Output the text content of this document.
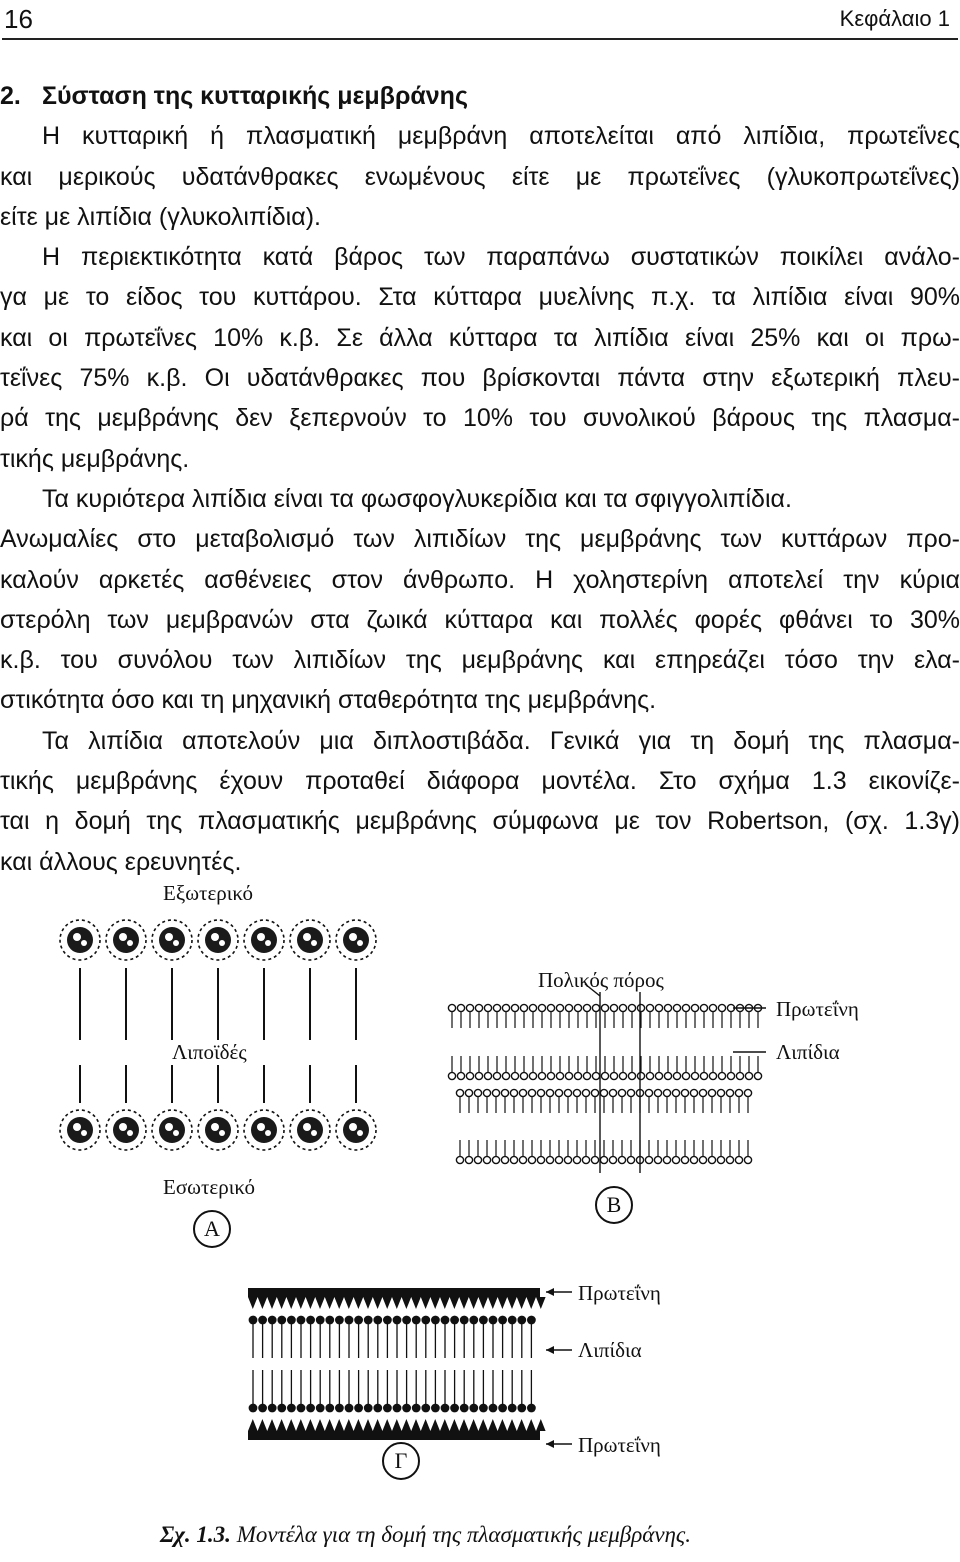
16	Κεφάλαιο 1
2. Σύσταση της κυτταρικής μεμβράνης
Η κυτταρική ή πλασματική μεμβράνη αποτελείται από λιπίδια, πρωτεΐνες
και μερικούς υδατάνθρακες ενωμένους είτε με πρωτεΐνες (γλυκοπρωτεΐνες)
είτε με λιπίδια (γλυκολιπίδια).
Η περιεκτικότητα κατά βάρος των παραπάνω συστατικών ποικίλει ανάλο-
γα με το είδος του κυττάρου. Στα κύτταρα μυελίνης π.χ. τα λιπίδια είναι 90%
και οι πρωτεΐνες 10% κ.β. Σε άλλα κύτταρα τα λιπίδια είναι 25% και οι πρω-
τεΐνες 75% κ.β. Οι υδατάνθρακες που βρίσκονται πάντα στην εξωτερική πλευ-
ρά της μεμβράνης δεν ξεπερνούν το 10% του συνολικού βάρους της πλασμα-
τικής μεμβράνης.
Τα κυριότερα λιπίδια είναι τα φωσφογλυκερίδια και τα σφιγγολιπίδια.
Ανωμαλίες στο μεταβολισμό των λιπιδίων της μεμβράνης των κυττάρων προ-
καλούν αρκετές ασθένειες στον άνθρωπο. Η χοληστερίνη αποτελεί την κύρια
στερόλη των μεμβρανών στα ζωικά κύτταρα και πολλές φορές φθάνει το 30%
κ.β. του συνόλου των λιπιδίων της μεμβράνης και επηρεάζει τόσο την ελα-
στικότητα όσο και τη μηχανική σταθερότητα της μεμβράνης.
Τα λιπίδια αποτελούν μια διπλοστιβάδα. Γενικά για τη δομή της πλασμα-
τικής μεμβράνης έχουν προταθεί διάφορα μοντέλα. Στο σχήμα 1.3 εικονίζε-
ται η δομή της πλασματικής μεμβράνης σύμφωνα με τον Robertson, (σχ. 1.3γ)
και άλλους ερευνητές.
Εξωτερικό
Λιποϊδές
Εσωτερικό
Α
Πολικός πόρος
Πρωτεΐνη
Λιπίδια
Β
Πρωτεΐνη
Λιπίδια
Πρωτεΐνη
Γ
Σχ. 1.3. Μοντέλα για τη δομή της πλασματικής μεμβράνης.
